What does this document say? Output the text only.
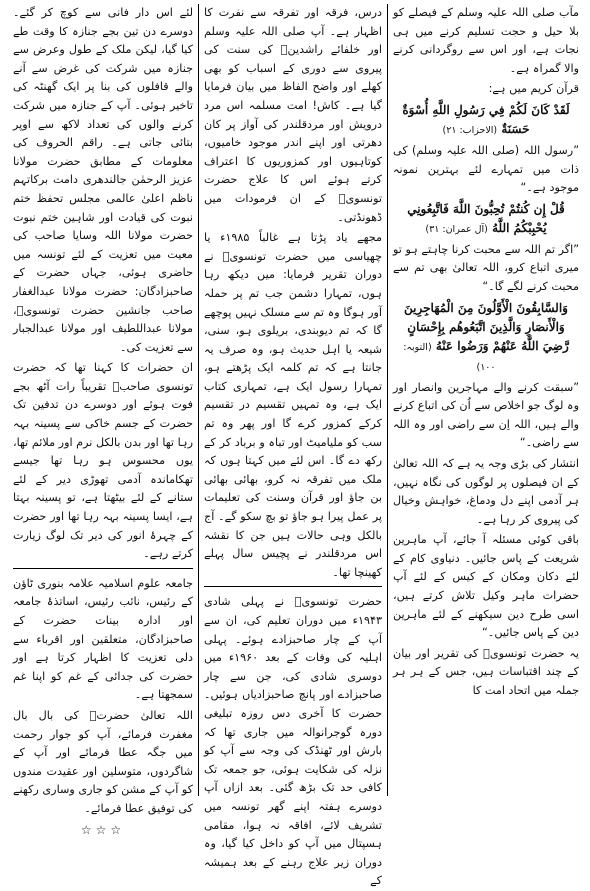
مآب صلی اللہ علیہ وسلم کے فیصلے کو بلا حیل و حجت تسلیم کرنے میں ہی نجات ہے، اور اس سے روگردانی کرنے والا گمراہ ہے۔

قرآن کریم میں ہے:

لَقَدْ كَانَ لَكُمْ فِي رَسُولِ اللَّهِ أُسْوَةٌ حَسَنَةٌ (الاحزاب: ۲۱)

”رسول اللہ (صلی اللہ علیہ وسلم) کی ذات میں تمہارے لئے بہترین نمونہ موجود ہے۔“

قُلْ إِن كُنتُمْ تُحِبُّونَ اللَّهَ فَاتَّبِعُونِي يُحْبِبْكُمُ اللَّهُ (آل عمران: ۳۱)

”اگر تم اللہ سے محبت کرنا چاہتے ہو تو میری اتباع کرو، اللہ تعالیٰ بھی تم سے محبت کرنے لگے گا۔“

وَالسَّابِقُونَ الْأَوَّلُونَ مِنَ الْمُهَاجِرِينَ وَالْأَنصَارِ وَالَّذِينَ اتَّبَعُوهُم بِإِحْسَانٍ رَّضِيَ اللَّهُ عَنْهُمْ وَرَضُوا عَنْهُ (التوبہ: ۱۰۰)

”سبقت کرنے والے مہاجرین وانصار اور وہ لوگ جو اخلاص سے اُن کی اتباع کرنے والے ہیں، اللہ اِن سے راضی اور وہ اللہ سے راضی۔“

انتشار کی بڑی وجہ یہ ہے کہ اللہ تعالیٰ کے ان فیصلوں پر لوگوں کی نگاہ نہیں، ہر آدمی اپنے دل ودماغ، خواہش وخیال کی پیروی کر رہا ہے۔

باقی کوئی مسئلہ آ جائے، آپ ماہرین شریعت کے پاس جائیں۔ دنیاوی کام کے لئے دکان ومکان کے کیس کے لئے آپ حضرات ماہر وکیل تلاش کرتے ہیں، اسی طرح دین سیکھنے کے لئے ماہرین دین کے پاس جائیں۔“

یہ حضرت تونسویؒ کی تقریر اور بیان کے چند اقتباسات ہیں، جس کے ہر ہر جملہ میں اتحاد امت کا

درس، فرقہ اور تفرقہ سے نفرت کا اظہار ہے۔ آپ صلی اللہ علیہ وسلم اور خلفائے راشدینؓ کی سنت کی پیروی سے دوری کے اسباب کو بھی کھلے اور واضح الفاظ میں بیان فرمایا گیا ہے۔ کاش! امت مسلمہ اس مرد درویش اور مردقلندر کی آواز پر کان دھرتی اور اپنے اندر موجود خامیوں، کوتاہیوں اور کمزوریوں کا اعتراف کرتے ہوئے اس کا علاج حضرت تونسویؒ کے ان فرمودات میں ڈھونڈتی۔

مجھے یاد پڑتا ہے غالباً ۱۹۸۵ء یا چھیاسی میں حضرت تونسویؒ نے دوران تقریر فرمایا: میں دیکھ رہا ہوں، تمہارا دشمن جب تم پر حملہ آور ہوگا وہ تم سے مسلک نہیں پوچھے گا کہ تم دیوبندی، بریلوی ہو، سنی، شیعہ یا اہل حدیث ہو، وہ صرف یہ جانتا ہے کہ تم کلمہ ایک پڑھتے ہو، تمہارا رسول ایک ہے، تمہاری کتاب ایک ہے، وہ تمہیں تقسیم در تقسیم کرکے کمزور کرے گا اور پھر وہ تم سب کو ملیامیٹ اور تباہ و برباد کر کے رکھ دے گا۔ اس لئے میں کہتا ہوں کہ ملک میں تفرقہ نہ کرو، بھائی بھائی بن جاؤ اور قرآن وسنت کی تعلیمات پر عمل پیرا ہو جاؤ تو بچ سکو گے۔ آج بالکل وہی حالات ہیں جن کا نقشہ اس مردقلندر نے پچیس سال پہلے کھینچا تھا۔

حضرت تونسویؒ نے پہلی شادی ۱۹۴۳ء میں دوران تعلیم کی، ان سے آپ کے چار صاحبزادے ہوئے۔ پہلی اہلیہ کی وفات کے بعد ۱۹۶۰ء میں دوسری شادی کی، جن سے چار صاحبزادے اور پانچ صاحبزادیاں ہوئیں۔ حضرت کا آخری دس روزہ تبلیغی دورہ گوجرانوالہ میں جاری تھا کہ بارش اور ٹھنڈک کی وجہ سے آپ کو نزلہ کی شکایت ہوئی، جو جمعہ تک کافی حد تک بڑھ گئی۔ بعد ازاں آپ دوسرے ہفتہ اپنے گھر تونسہ میں تشریف لائے، افاقہ نہ ہوا، مقامی ہسپتال میں آپ کو داخل کیا گیا، وہ دوران زیر علاج رہنے کے بعد ہمیشہ کے

لئے اس دار فانی سے کوچ کر گئے۔ دوسرے دن تین بجے جنازہ کا وقت طے کیا گیا، لیکن ملک کے طول وعرض سے جنازہ میں شرکت کی غرض سے آنے والے قافلوں کی بنا پر ایک گھنٹہ کی تاخیر ہوئی۔ آپ کے جنازہ میں شرکت کرنے والوں کی تعداد لاکھ سے اوپر بتائی جاتی ہے۔ راقم الحروف کی معلومات کے مطابق حضرت مولانا عزیز الرحمٰن جالندھری دامت برکاتہم ناظم اعلیٰ عالمی مجلس تحفظ ختم نبوت کی قیادت اور شاہین ختم نبوت حضرت مولانا اللہ وسایا صاحب کی معیت میں تعزیت کے لئے تونسہ میں حاضری ہوئی، جہاں حضرت کے صاحبزادگان: حضرت مولانا عبدالغفار صاحب جانشین حضرت تونسویؒ، مولانا عبداللطیف اور مولانا عبدالجبار سے تعزیت کی۔

ان حضرات کا کہنا تھا کہ حضرت تونسوی صاحبؒ تقریباً رات آٹھ بجے فوت ہوئے اور دوسرے دن تدفین تک حضرت کے جسم خاکی سے پسینہ بہہ رہا تھا اور بدن بالکل نرم اور ملائم تھا، یوں محسوس ہو رہا تھا جیسے تھکاماندہ آدمی تھوڑی دیر کے لئے ستانے کے لئے بیٹھتا ہے، تو پسینہ بہتا ہے، ایسا پسینہ بہہ رہا تھا اور حضرت کے چہرۂ انور کی دیر تک لوگ زیارت کرتے رہے۔

جامعہ علوم اسلامیہ علامہ بنوری ٹاؤن کے رئیس، نائب رئیس، اساتذۂ جامعہ اور ادارہ بینات حضرت کے صاحبزادگان، متعلقین اور اقرباء سے دلی تعزیت کا اظہار کرتا ہے اور حضرت کی جدائی کے غم کو اپنا غم سمجھتا ہے۔

اللہ تعالیٰ حضرتؒ کی بال بال مغفرت فرمائے، آپ کو جوار رحمت میں جگہ عطا فرمائے اور آپ کے شاگردوں، متوسلین اور عقیدت مندوں کو آپ کے مشن کو جاری وساری رکھنے کی توفیق عطا فرمائے۔

☆☆☆
